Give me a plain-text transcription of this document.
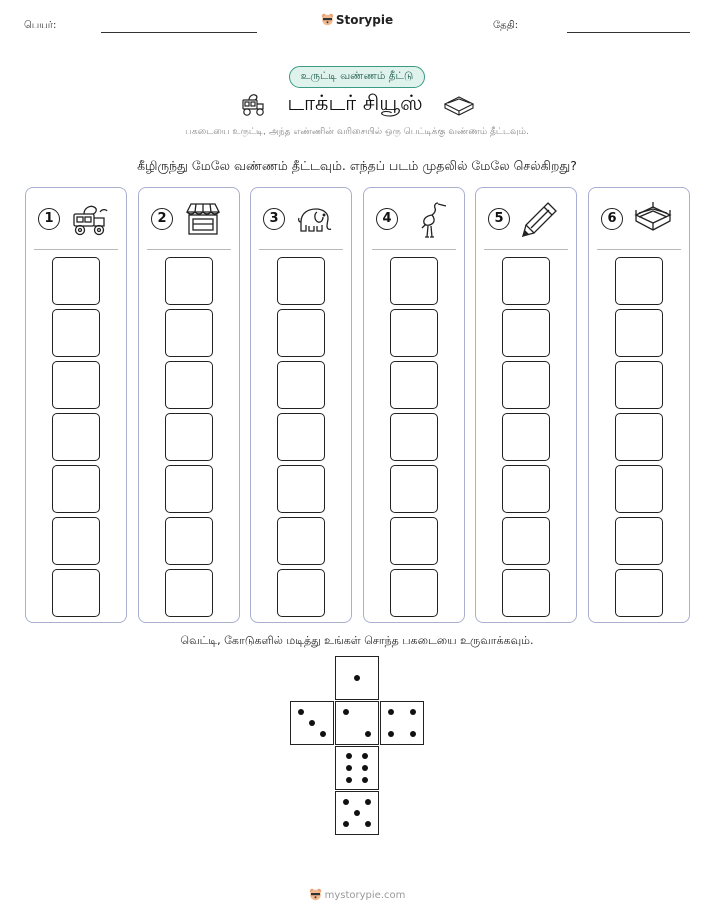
பெயர்:	Storypie	தேதி:
உருட்டி வண்ணம் தீட்டு
டாக்டர் சியூஸ்
பகடையை உருட்டி, அந்த எண்ணின் வரிசையில் ஒரு பெட்டிக்கு வண்ணம் தீட்டவும்.
கீழிருந்து மேலே வண்ணம் தீட்டவும். எந்தப் படம் முதலில் மேலே செல்கிறது?
1	2	3	4	5	6
வெட்டி, கோடுகளில் மடித்து உங்கள் சொந்த பகடையை உருவாக்கவும்.
mystorypie.com
